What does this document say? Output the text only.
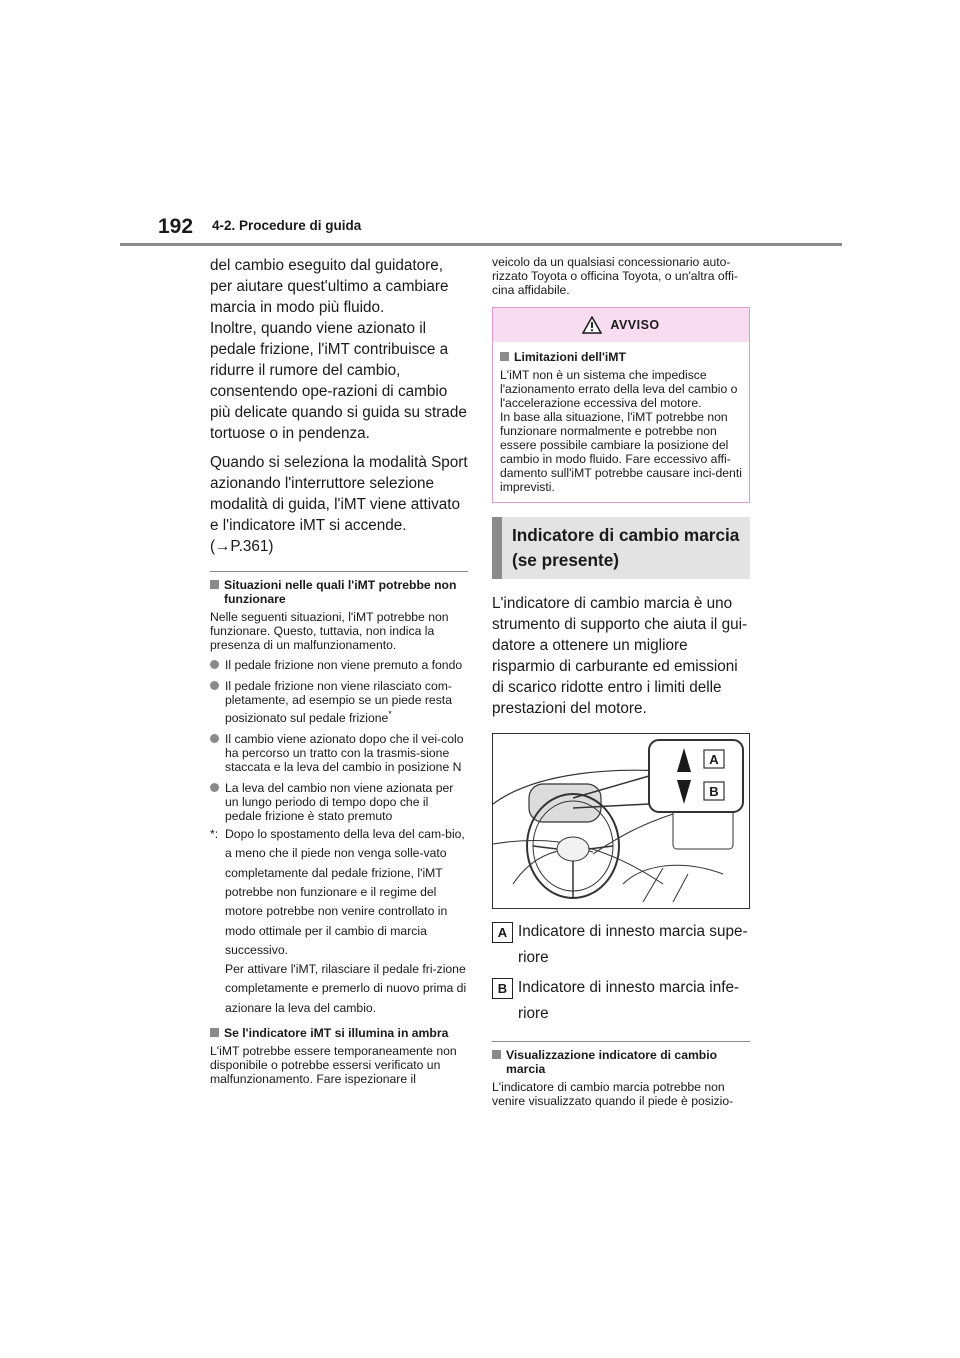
192 4-2. Procedure di guida

del cambio eseguito dal guidatore, per aiutare quest'ultimo a cambiare marcia in modo più fluido.
Inoltre, quando viene azionato il pedale frizione, l'iMT contribuisce a ridurre il rumore del cambio, consentendo ope-razioni di cambio più delicate quando si guida su strade tortuose o in pendenza.

Quando si seleziona la modalità Sport azionando l'interruttore selezione modalità di guida, l'iMT viene attivato e l'indicatore iMT si accende.
(→P.361)

Situazioni nelle quali l'iMT potrebbe non funzionare

Nelle seguenti situazioni, l'iMT potrebbe non funzionare. Questo, tuttavia, non indica la presenza di un malfunzionamento.

Il pedale frizione non viene premuto a fondo
Il pedale frizione non viene rilasciato com-pletamente, ad esempio se un piede resta posizionato sul pedale frizione*
Il cambio viene azionato dopo che il vei-colo ha percorso un tratto con la trasmis-sione staccata e la leva del cambio in posizione N
La leva del cambio non viene azionata per un lungo periodo di tempo dopo che il pedale frizione è stato premuto
*: Dopo lo spostamento della leva del cam-bio, a meno che il piede non venga solle-vato completamente dal pedale frizione, l'iMT potrebbe non funzionare e il regime del motore potrebbe non venire controllato in modo ottimale per il cambio di marcia successivo.
Per attivare l'iMT, rilasciare il pedale fri-zione completamente e premerlo di nuovo prima di azionare la leva del cambio.
Se l'indicatore iMT si illumina in ambra

L'iMT potrebbe essere temporaneamente non disponibile o potrebbe essersi verificato un malfunzionamento. Fare ispezionare il

veicolo da un qualsiasi concessionario auto-rizzato Toyota o officina Toyota, o un'altra offi-cina affidabile.

AVVISO
Limitazioni dell'iMT

L'iMT non è un sistema che impedisce l'azionamento errato della leva del cambio o l'accelerazione eccessiva del motore.
In base alla situazione, l'iMT potrebbe non funzionare normalmente e potrebbe non essere possibile cambiare la posizione del cambio in modo fluido. Fare eccessivo affi-damento sull'iMT potrebbe causare inci-denti imprevisti.

Indicatore di cambio marcia (se presente)

L'indicatore di cambio marcia è uno strumento di supporto che aiuta il gui-datore a ottenere un migliore risparmio di carburante ed emissioni di scarico ridotte entro i limiti delle prestazioni del motore.

A
B
A Indicatore di innesto marcia supe-riore
B Indicatore di innesto marcia infe-riore
Visualizzazione indicatore di cambio marcia

L'indicatore di cambio marcia potrebbe non venire visualizzato quando il piede è posizio-
